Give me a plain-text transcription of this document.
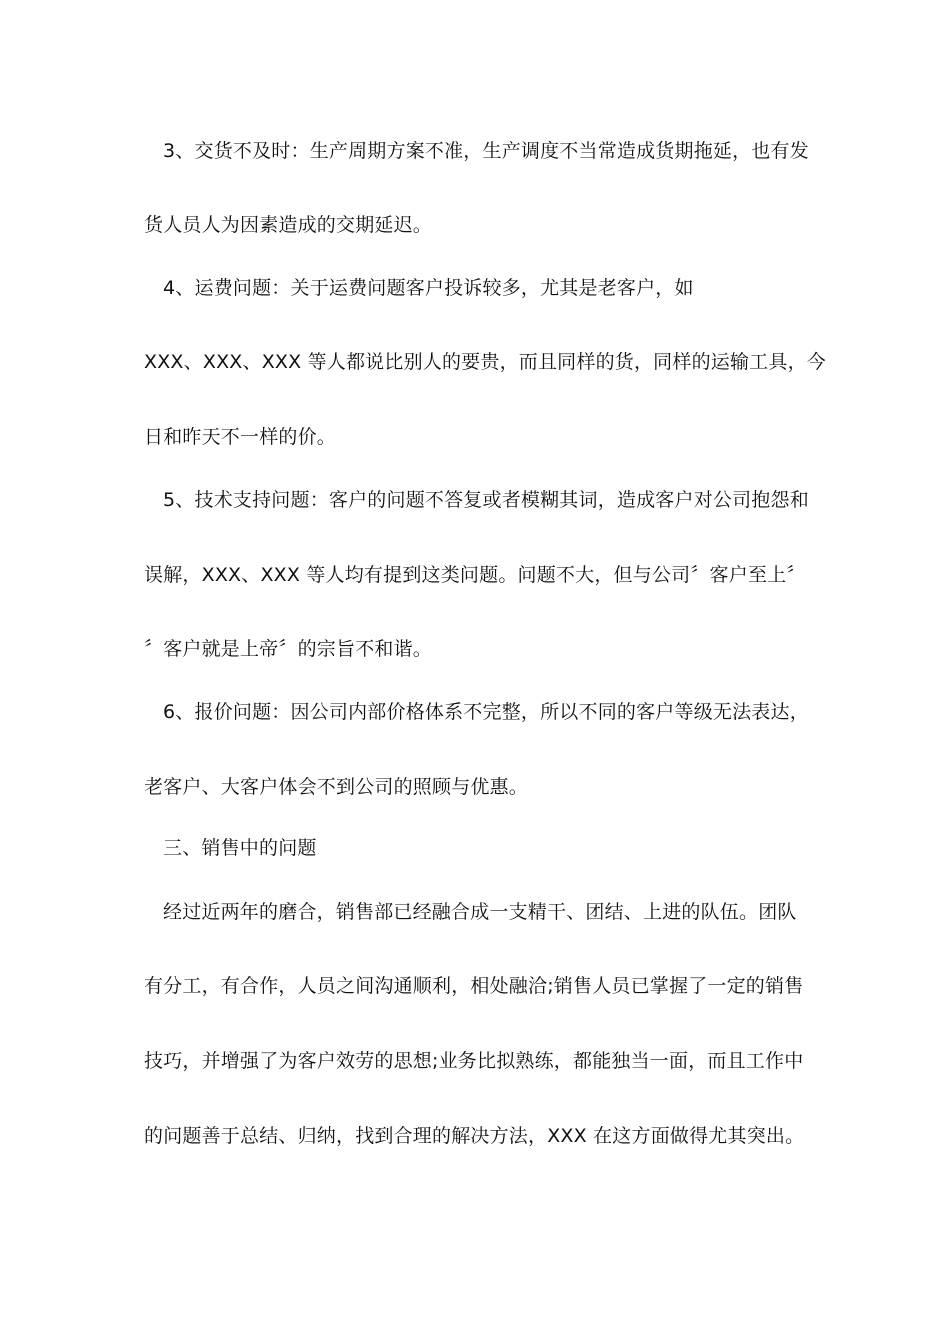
3、交货不及时：生产周期方案不准，生产调度不当常造成货期拖延，也有发
货人员人为因素造成的交期延迟。
4、运费问题：关于运费问题客户投诉较多，尤其是老客户，如
XXX、XXX、XXX 等人都说比别人的要贵，而且同样的货，同样的运输工具，今
日和昨天不一样的价。
5、技术支持问题：客户的问题不答复或者模糊其词，造成客户对公司抱怨和
误解，XXX、XXX 等人均有提到这类问题。问题不大，但与公司〞客户至上〞
〞客户就是上帝〞的宗旨不和谐。
6、报价问题：因公司内部价格体系不完整，所以不同的客户等级无法表达，
老客户、大客户体会不到公司的照顾与优惠。
三、销售中的问题
经过近两年的磨合，销售部已经融合成一支精干、团结、上进的队伍。团队
有分工，有合作，人员之间沟通顺利，相处融洽;销售人员已掌握了一定的销售
技巧，并增强了为客户效劳的思想;业务比拟熟练，都能独当一面，而且工作中
的问题善于总结、归纳，找到合理的解决方法，XXX 在这方面做得尤其突出。
